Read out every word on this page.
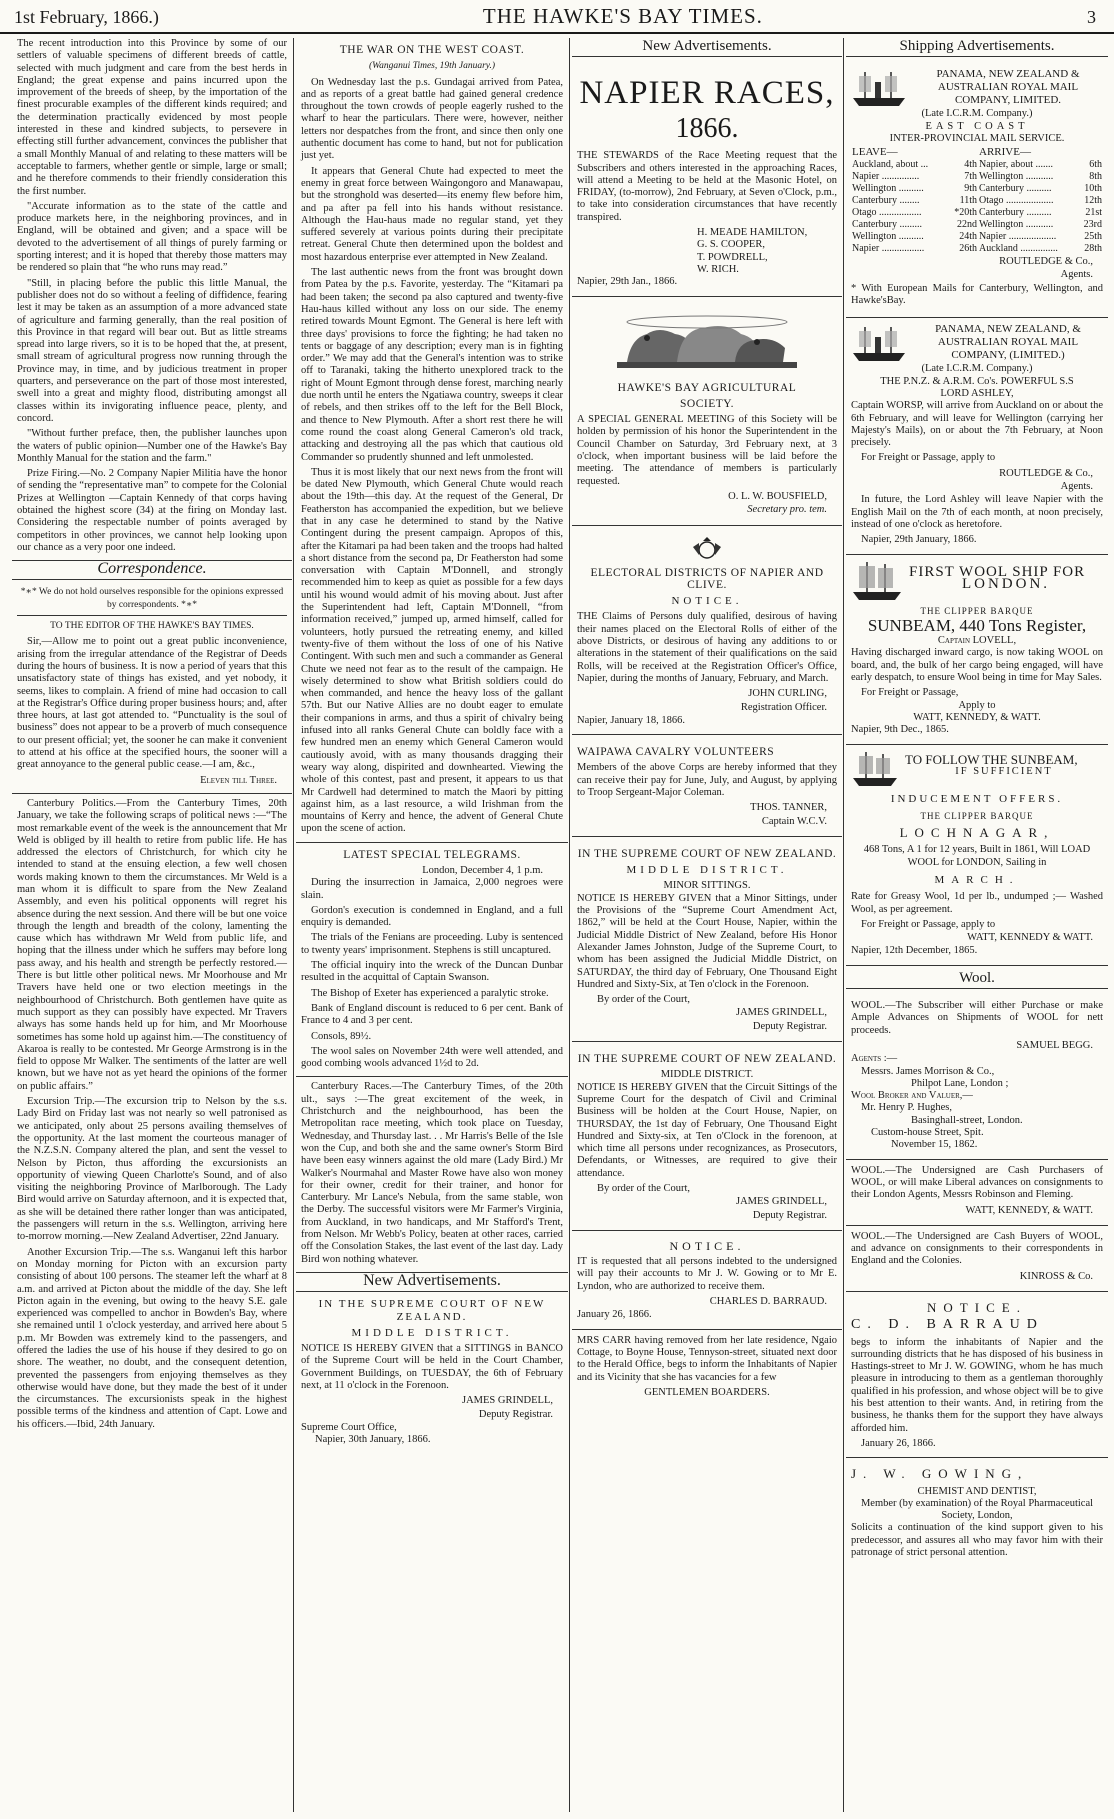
1st February, 1866.)	THE HAWKE'S BAY TIMES.	3

The recent introduction into this Province by some of our settlers of valuable specimens of different breeds of cattle, selected with much judgment and care from the best herds in England; the great expense and pains incurred upon the improvement of the breeds of sheep, by the importation of the finest procurable examples of the different kinds required; and the determination practically evidenced by most people interested in these and kindred subjects, to persevere in effecting still further advancement, convinces the publisher that a small Monthly Manual of and relating to these matters will be acceptable to farmers, whether gentle or simple, large or small; and he therefore commends to their friendly consideration this the first number.

"Accurate information as to the state of the cattle and produce markets here, in the neighboring provinces, and in England, will be obtained and given; and a space will be devoted to the advertisement of all things of purely farming or sporting interest; and it is hoped that thereby those matters may be rendered so plain that “he who runs may read.”

"Still, in placing before the public this little Manual, the publisher does not do so without a feeling of diffidence, fearing lest it may be taken as an assumption of a more advanced state of agriculture and farming generally, than the real position of this Province in that regard will bear out. But as little streams spread into large rivers, so it is to be hoped that the, at present, small stream of agricultural progress now running through the Province may, in time, and by judicious treatment in proper quarters, and perseverance on the part of those most interested, swell into a great and mighty flood, distributing amongst all classes within its invigorating influence peace, plenty, and concord.

"Without further preface, then, the publisher launches upon the waters of public opinion—Number one of the Hawke's Bay Monthly Manual for the station and the farm."

Prize Firing.—No. 2 Company Napier Militia have the honor of sending the “representative man” to compete for the Colonial Prizes at Wellington —Captain Kennedy of that corps having obtained the highest score (34) at the firing on Monday last. Considering the respectable number of points averaged by competitors in other provinces, we cannot help looking upon our chance as a very poor one indeed.

Correspondence.
*∗* We do not hold ourselves responsible for the opinions expressed by correspondents. *∗*
TO THE EDITOR OF THE HAWKE'S BAY TIMES.

Sir,—Allow me to point out a great public inconvenience, arising from the irregular attendance of the Registrar of Deeds during the hours of business. It is now a period of years that this unsatisfactory state of things has existed, and yet nobody, it seems, likes to complain. A friend of mine had occasion to call at the Registrar's Office during proper business hours; and, after three hours, at last got attended to. “Punctuality is the soul of business” does not appear to be a proverb of much consequence to our present official; yet, the sooner he can make it convenient to attend at his office at the specified hours, the sooner will a great annoyance to the general public cease.—I am, &c.,

Eleven till Three.

Canterbury Politics.—From the Canterbury Times, 20th January, we take the following scraps of political news :—“The most remarkable event of the week is the announcement that Mr Weld is obliged by ill health to retire from public life. He has addressed the electors of Christchurch, for which city he intended to stand at the ensuing election, a few well chosen words making known to them the circumstances. Mr Weld is a man whom it is difficult to spare from the New Zealand Assembly, and even his political opponents will regret his absence during the next session. And there will be but one voice through the length and breadth of the colony, lamenting the cause which has withdrawn Mr Weld from public life, and hoping that the illness under which he suffers may before long pass away, and his health and strength be perfectly restored.—There is but little other political news. Mr Moorhouse and Mr Travers have held one or two election meetings in the neighbourhood of Christchurch. Both gentlemen have quite as much support as they can possibly have expected. Mr Travers always has some hands held up for him, and Mr Moorhouse sometimes has some hold up against him.—The constituency of Akaroa is really to be contested. Mr George Armstrong is in the field to oppose Mr Walker. The sentiments of the latter are well known, but we have not as yet heard the opinions of the former on public affairs.”

Excursion Trip.—The excursion trip to Nelson by the s.s. Lady Bird on Friday last was not nearly so well patronised as we anticipated, only about 25 persons availing themselves of the opportunity. At the last moment the courteous manager of the N.Z.S.N. Company altered the plan, and sent the vessel to Nelson by Picton, thus affording the excursionists an opportunity of viewing Queen Charlotte's Sound, and of also visiting the neighboring Province of Marlborough. The Lady Bird would arrive on Saturday afternoon, and it is expected that, as she will be detained there rather longer than was anticipated, the passengers will return in the s.s. Wellington, arriving here to-morrow morning.—New Zealand Advertiser, 22nd January.

Another Excursion Trip.—The s.s. Wanganui left this harbor on Monday morning for Picton with an excursion party consisting of about 100 persons. The steamer left the wharf at 8 a.m. and arrived at Picton about the middle of the day. She left Picton again in the evening, but owing to the heavy S.E. gale experienced was compelled to anchor in Bowden's Bay, where she remained until 1 o'clock yesterday, and arrived here about 5 p.m. Mr Bowden was extremely kind to the passengers, and offered the ladies the use of his house if they desired to go on shore. The weather, no doubt, and the consequent detention, prevented the passengers from enjoying themselves as they otherwise would have done, but they made the best of it under the circumstances. The excursionists speak in the highest possible terms of the kindness and attention of Capt. Lowe and his officers.—Ibid, 24th January.

THE WAR ON THE WEST COAST.
(Wanganui Times, 19th January.)

On Wednesday last the p.s. Gundagai arrived from Patea, and as reports of a great battle had gained general credence throughout the town crowds of people eagerly rushed to the wharf to hear the particulars. There were, however, neither letters nor despatches from the front, and since then only one authentic document has come to hand, but not for publication just yet.

It appears that General Chute had expected to meet the enemy in great force between Waingongoro and Manawapau, but the stronghold was deserted—its enemy flew before him, and pa after pa fell into his hands without resistance. Although the Hau-haus made no regular stand, yet they suffered severely at various points during their precipitate retreat. General Chute then determined upon the boldest and most hazardous enterprise ever attempted in New Zealand.

The last authentic news from the front was brought down from Patea by the p.s. Favorite, yesterday. The “Kitamari pa had been taken; the second pa also captured and twenty-five Hau-haus killed without any loss on our side. The enemy retired towards Mount Egmont. The General is here left with three days' provisions to force the fighting; he had taken no tents or baggage of any description; every man is in fighting order.” We may add that the General's intention was to strike off to Taranaki, taking the hitherto unexplored track to the right of Mount Egmont through dense forest, marching nearly due north until he enters the Ngatiawa country, sweeps it clear of rebels, and then strikes off to the left for the Bell Block, and thence to New Plymouth. After a short rest there he will come round the coast along General Cameron's old track, attacking and destroying all the pas which that cautious old Commander so prudently shunned and left unmolested.

Thus it is most likely that our next news from the front will be dated New Plymouth, which General Chute would reach about the 19th—this day. At the request of the General, Dr Featherston has accompanied the expedition, but we believe that in any case he determined to stand by the Native Contingent during the present campaign. Apropos of this, after the Kitamari pa had been taken and the troops had halted a short distance from the second pa, Dr Featherston had some conversation with Captain M'Donnell, and strongly recommended him to keep as quiet as possible for a few days until his wound would admit of his moving about. Just after the Superintendent had left, Captain M'Donnell, “from information received,” jumped up, armed himself, called for volunteers, hotly pursued the retreating enemy, and killed twenty-five of them without the loss of one of his Native Contingent. With such men and such a commander as General Chute we need not fear as to the result of the campaign. He wisely determined to show what British soldiers could do when commanded, and hence the heavy loss of the gallant 57th. But our Native Allies are no doubt eager to emulate their companions in arms, and thus a spirit of chivalry being infused into all ranks General Chute can boldly face with a few hundred men an enemy which General Cameron would cautiously avoid, with as many thousands dragging their weary way along, dispirited and downhearted. Viewing the whole of this contest, past and present, it appears to us that Mr Cardwell had determined to match the Maori by pitting against him, as a last resource, a wild Irishman from the mountains of Kerry and hence, the advent of General Chute upon the scene of action.

LATEST SPECIAL TELEGRAMS.
London, December 4, 1 p.m.

During the insurrection in Jamaica, 2,000 negroes were slain.

Gordon's execution is condemned in England, and a full enquiry is demanded.

The trials of the Fenians are proceeding. Luby is sentenced to twenty years' imprisonment. Stephens is still uncaptured.

The official inquiry into the wreck of the Duncan Dunbar resulted in the acquittal of Captain Swanson.

The Bishop of Exeter has experienced a paralytic stroke.

Bank of England discount is reduced to 6 per cent. Bank of France to 4 and 3 per cent.

Consols, 89½.

The wool sales on November 24th were well attended, and good combing wools advanced 1½d to 2d.

Canterbury Races.—The Canterbury Times, of the 20th ult., says :—The great excitement of the week, in Christchurch and the neighbourhood, has been the Metropolitan race meeting, which took place on Tuesday, Wednesday, and Thursday last. . . Mr Harris's Belle of the Isle won the Cup, and both she and the same owner's Storm Bird have been easy winners against the old mare (Lady Bird.) Mr Walker's Nourmahal and Master Rowe have also won money for their owner, credit for their trainer, and honor for Canterbury. Mr Lance's Nebula, from the same stable, won the Derby. The successful visitors were Mr Farmer's Virginia, from Auckland, in two handicaps, and Mr Stafford's Trent, from Nelson. Mr Webb's Policy, beaten at other races, carried off the Consolation Stakes, the last event of the last day. Lady Bird won nothing whatever.

New Advertisements.
IN THE SUPREME COURT OF NEW ZEALAND.
MIDDLE DISTRICT.

NOTICE IS HEREBY GIVEN that a SITTINGS in BANCO of the Supreme Court will be held in the Court Chamber, Government Buildings, on TUESDAY, the 6th of February next, at 11 o'clock in the Forenoon.

JAMES GRINDELL,
Deputy Registrar.
Supreme Court Office,
Napier, 30th January, 1866.
New Advertisements.
NAPIER RACES,
1866.

THE STEWARDS of the Race Meeting request that the Subscribers and others interested in the approaching Races, will attend a Meeting to be held at the Masonic Hotel, on FRIDAY, (to-morrow), 2nd February, at Seven o'Clock, p.m., to take into consideration circumstances that have recently transpired.

H. MEADE HAMILTON,
G. S. COOPER,
T. POWDRELL,
W. RICH.
Napier, 29th Jan., 1866.
HAWKE'S BAY AGRICULTURAL
SOCIETY.

A SPECIAL GENERAL MEETING of this Society will be holden by permission of his honor the Superintendent in the Council Chamber on Saturday, 3rd February next, at 3 o'clock, when important business will be laid before the meeting. The attendance of members is particularly requested.

O. L. W. BOUSFIELD,
Secretary pro. tem.
ELECTORAL DISTRICTS OF NAPIER AND CLIVE.
NOTICE.

THE Claims of Persons duly qualified, desirous of having their names placed on the Electoral Rolls of either of the above Districts, or desirous of having any additions to or alterations in the statement of their qualifications on the said Rolls, will be received at the Registration Officer's Office, Napier, during the months of January, February, and March.

JOHN CURLING,
Registration Officer.
Napier, January 18, 1866.
WAIPAWA CAVALRY VOLUNTEERS

Members of the above Corps are hereby informed that they can receive their pay for June, July, and August, by applying to Troop Sergeant-Major Coleman.

THOS. TANNER,
Captain W.C.V.
IN THE SUPREME COURT OF NEW ZEALAND.
MIDDLE DISTRICT.
MINOR SITTINGS.

NOTICE IS HEREBY GIVEN that a Minor Sittings, under the Provisions of the “Supreme Court Amendment Act, 1862,” will be held at the Court House, Napier, within the Judicial Middle District of New Zealand, before His Honor Alexander James Johnston, Judge of the Supreme Court, to whom has been assigned the Judicial Middle District, on SATURDAY, the third day of February, One Thousand Eight Hundred and Sixty-Six, at Ten o'clock in the Forenoon.

By order of the Court,
JAMES GRINDELL,
Deputy Registrar.
IN THE SUPREME COURT OF NEW ZEALAND.
MIDDLE DISTRICT.

NOTICE IS HEREBY GIVEN that the Circuit Sittings of the Supreme Court for the despatch of Civil and Criminal Business will be holden at the Court House, Napier, on THURSDAY, the 1st day of February, One Thousand Eight Hundred and Sixty-six, at Ten o'Clock in the forenoon, at which time all persons under recognizances, as Prosecutors, Defendants, or Witnesses, are required to give their attendance.

By order of the Court,
JAMES GRINDELL,
Deputy Registrar.
NOTICE.

IT is requested that all persons indebted to the undersigned will pay their accounts to Mr J. W. Gowing or to Mr E. Lyndon, who are authorized to receive them.

CHARLES D. BARRAUD.
January 26, 1866.

MRS CARR having removed from her late residence, Ngaio Cottage, to Boyne House, Tennyson-street, situated next door to the Herald Office, begs to inform the Inhabitants of Napier and its Vicinity that she has vacancies for a few

GENTLEMEN BOARDERS.
Shipping Advertisements.
PANAMA, NEW ZEALAND & AUSTRALIAN ROYAL MAIL COMPANY, LIMITED.
(Late I.C.R.M. Company.)
EAST COAST
INTER-PROVINCIAL MAIL SERVICE.
LEAVE—		ARRIVE—	
Auckland, about ...	4th	Napier, about .......	6th
Napier ...............	7th	Wellington ...........	8th
Wellington ..........	9th	Canterbury ..........	10th
Canterbury ........	11th	Otago ...................	12th
Otago .................	*20th	Canterbury ..........	21st
Canterbury .........	22nd	Wellington ...........	23rd
Wellington ..........	24th	Napier ...................	25th
Napier .................	26th	Auckland ...............	28th
ROUTLEDGE & Co.,
Agents.

* With European Mails for Canterbury, Wellington, and Hawke'sBay.

PANAMA, NEW ZEALAND, & AUSTRALIAN ROYAL MAIL COMPANY, (LIMITED.)
(Late I.C.R.M. Company.)
THE P.N.Z. & A.R.M. Co's. POWERFUL S.S
LORD ASHLEY,

Captain WORSP, will arrive from Auckland on or about the 6th February, and will leave for Wellington (carrying her Majesty's Mails), on or about the 7th February, at Noon precisely.

For Freight or Passage, apply to

ROUTLEDGE & Co.,
Agents.

In future, the Lord Ashley will leave Napier with the English Mail on the 7th of each month, at noon precisely, instead of one o'clock as heretofore.

Napier, 29th January, 1866.
FIRST WOOL SHIP FOR
LONDON.
THE CLIPPER BARQUE
SUNBEAM, 440 Tons Register,
Captain LOVELL,

Having discharged inward cargo, is now taking WOOL on board, and, the bulk of her cargo being engaged, will have early despatch, to ensure Wool being in time for May Sales.

For Freight or Passage,
Apply to
WATT, KENNEDY, & WATT.
Napier, 9th Dec., 1865.
TO FOLLOW THE SUNBEAM,
IF SUFFICIENT
INDUCEMENT OFFERS.
THE CLIPPER BARQUE
LOCHNAGAR,
468 Tons, A 1 for 12 years, Built in 1861, Will LOAD WOOL for LONDON, Sailing in
MARCH.

Rate for Greasy Wool, 1d per lb., undumped ;— Washed Wool, as per agreement.

For Freight or Passage, apply to
WATT, KENNEDY & WATT.
Napier, 12th December, 1865.
Wool.

WOOL.—The Subscriber will either Purchase or make Ample Advances on Shipments of WOOL for nett proceeds.

SAMUEL BEGG.
Agents :—
Messrs. James Morrison & Co.,
Philpot Lane, London ;
Wool Broker and Valuer,—
Mr. Henry P. Hughes,
Basinghall-street, London.
Custom-house Street, Spit.
November 15, 1862.

WOOL.—The Undersigned are Cash Purchasers of WOOL, or will make Liberal advances on consignments to their London Agents, Messrs Robinson and Fleming.

WATT, KENNEDY, & WATT.

WOOL.—The Undersigned are Cash Buyers of WOOL, and advance on consignments to their correspondents in England and the Colonies.

KINROSS & Co.
NOTICE.
C. D. BARRAUD

begs to inform the inhabitants of Napier and the surrounding districts that he has disposed of his business in Hastings-street to Mr J. W. GOWING, whom he has much pleasure in introducing to them as a gentleman thoroughly qualified in his profession, and whose object will be to give his best attention to their wants. And, in retiring from the business, he thanks them for the support they have always afforded him.

January 26, 1866.
J. W. GOWING,
CHEMIST AND DENTIST,
Member (by examination) of the Royal Pharmaceutical Society, London,

Solicits a continuation of the kind support given to his predecessor, and assures all who may favor him with their patronage of strict personal attention.
